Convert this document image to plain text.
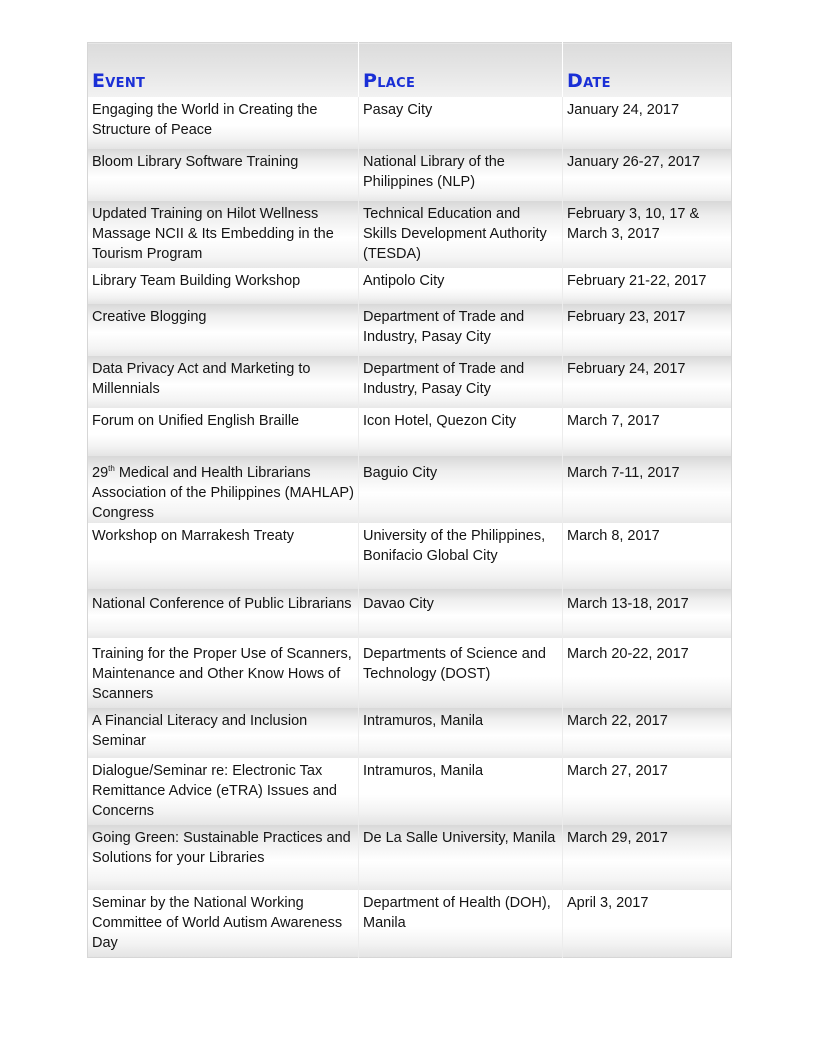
Event	Place	Date
Engaging the World in Creating the Structure of Peace	Pasay City	January 24, 2017
Bloom Library Software Training	National Library of the Philippines (NLP)	January 26-27, 2017
Updated Training on Hilot Wellness Massage NCII & Its Embedding in the Tourism Program	Technical Education and Skills Development Authority (TESDA)	February 3, 10, 17 & March 3, 2017
Library Team Building Workshop	Antipolo City	February 21-22, 2017
Creative Blogging	Department of Trade and Industry, Pasay City	February 23, 2017
Data Privacy Act and Marketing to Millennials	Department of Trade and Industry, Pasay City	February 24, 2017
Forum on Unified English Braille	Icon Hotel, Quezon City	March 7, 2017
29th Medical and Health Librarians Association of the Philippines (MAHLAP) Congress	Baguio City	March 7-11, 2017
Workshop on Marrakesh Treaty	University of the Philippines, Bonifacio Global City	March 8, 2017
National Conference of Public Librarians	Davao City	March 13-18, 2017
Training for the Proper Use of Scanners, Maintenance and Other Know Hows of Scanners	Departments of Science and Technology (DOST)	March 20-22, 2017
A Financial Literacy and Inclusion Seminar	Intramuros, Manila	March 22, 2017
Dialogue/Seminar re: Electronic Tax Remittance Advice (eTRA) Issues and Concerns	Intramuros, Manila	March 27, 2017
Going Green: Sustainable Practices and Solutions for your Libraries	De La Salle University, Manila	March 29, 2017
Seminar by the National Working Committee of World Autism Awareness Day	Department of Health (DOH), Manila	April 3, 2017
